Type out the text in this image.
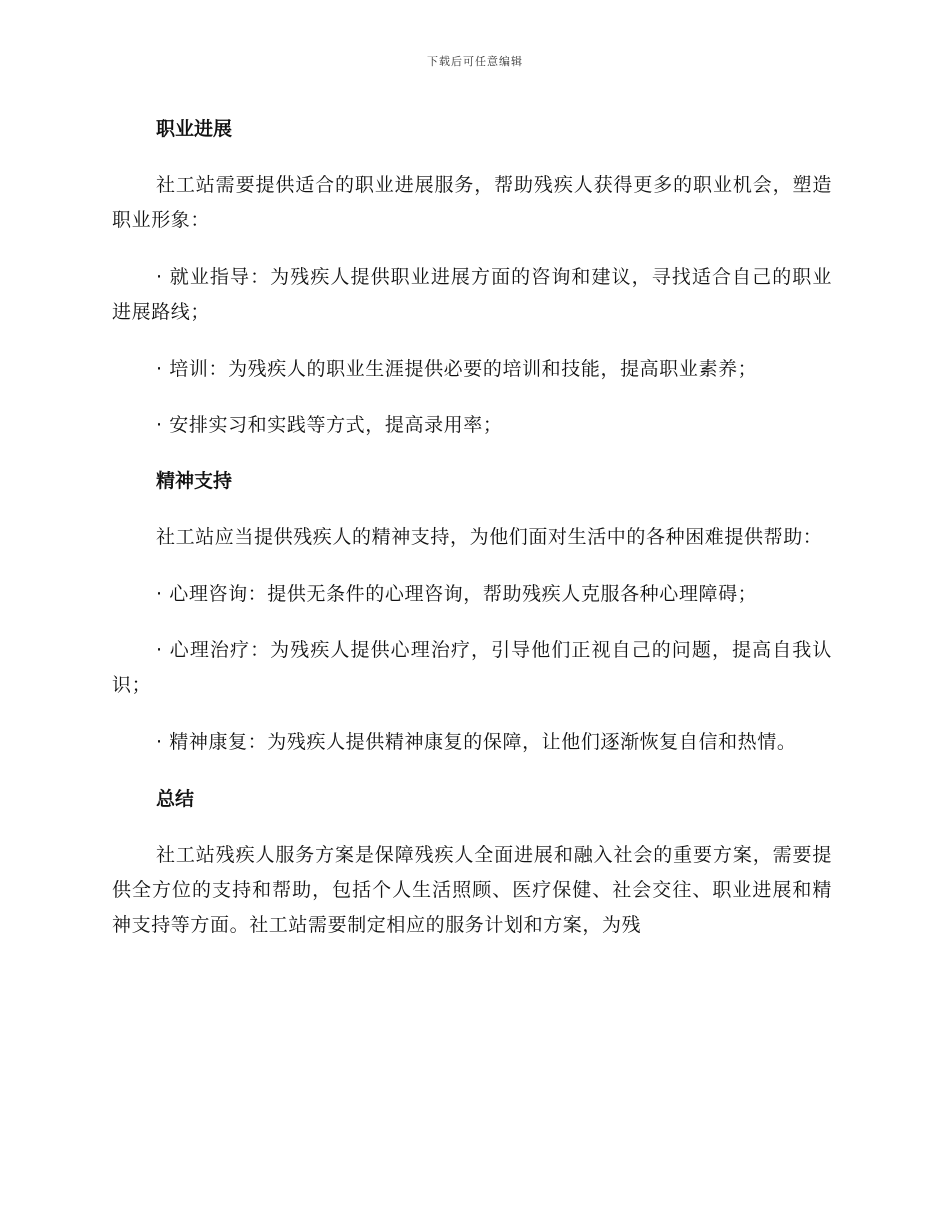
下载后可任意编辑
职业进展

社工站需要提供适合的职业进展服务，帮助残疾人获得更多的职业机会，塑造职业形象：

· 就业指导：为残疾人提供职业进展方面的咨询和建议，寻找适合自己的职业进展路线；

· 培训：为残疾人的职业生涯提供必要的培训和技能，提高职业素养；

· 安排实习和实践等方式，提高录用率；

精神支持

社工站应当提供残疾人的精神支持，为他们面对生活中的各种困难提供帮助：

· 心理咨询：提供无条件的心理咨询，帮助残疾人克服各种心理障碍；

· 心理治疗：为残疾人提供心理治疗，引导他们正视自己的问题，提高自我认识；

· 精神康复：为残疾人提供精神康复的保障，让他们逐渐恢复自信和热情。

总结

社工站残疾人服务方案是保障残疾人全面进展和融入社会的重要方案，需要提供全方位的支持和帮助，包括个人生活照顾、医疗保健、社会交往、职业进展和精神支持等方面。社工站需要制定相应的服务计划和方案，为残
